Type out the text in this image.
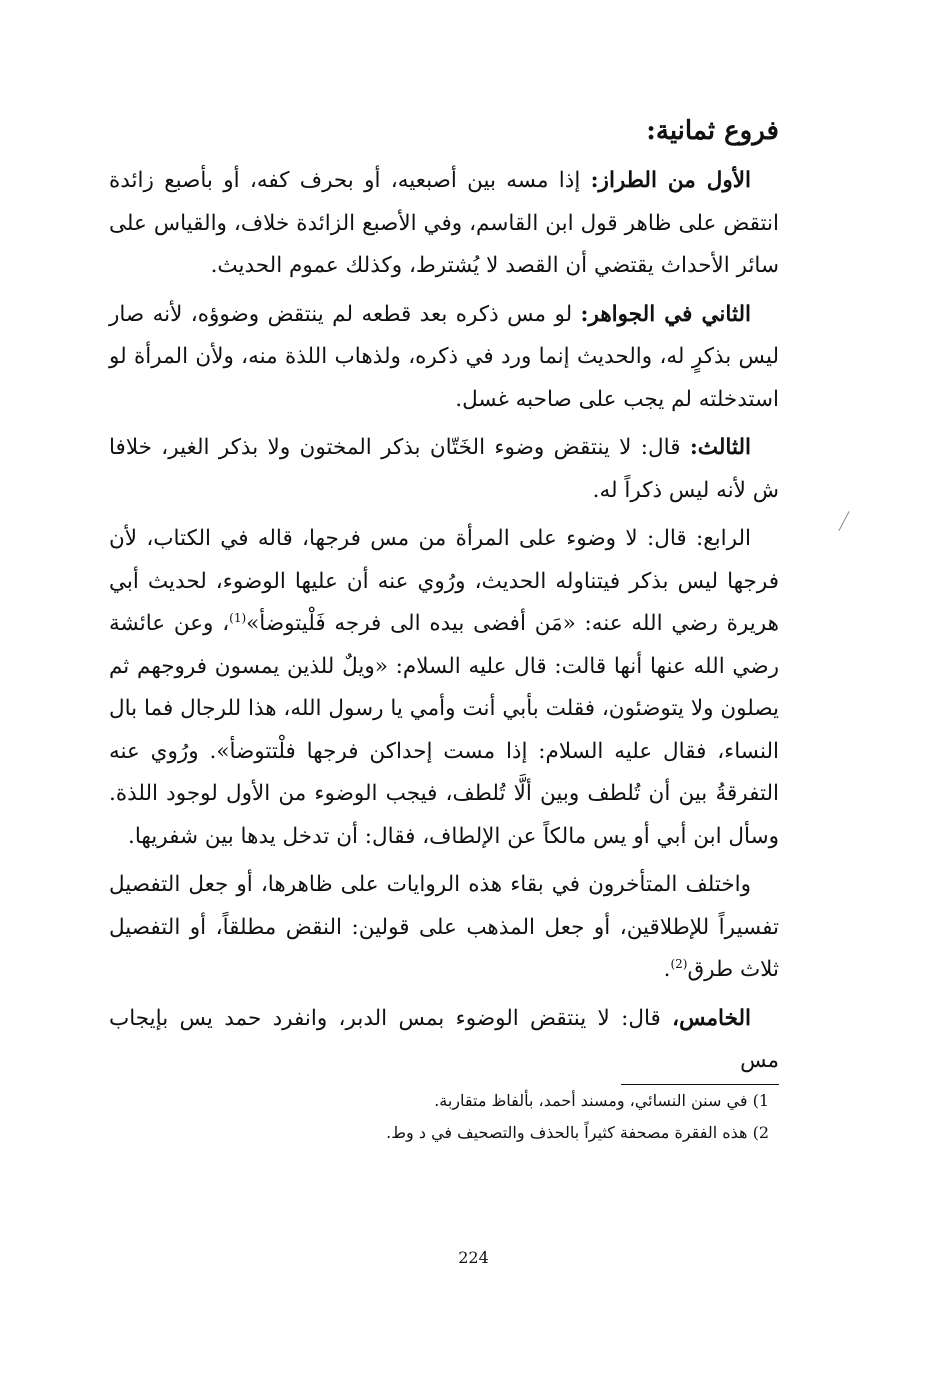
فروع ثمانية:

الأول من الطراز: إذا مسه بين أصبعيه، أو بحرف كفه، أو بأصبع زائدة انتقض على ظاهر قول ابن القاسم، وفي الأصبع الزائدة خلاف، والقياس على سائر الأحداث يقتضي أن القصد لا يُشترط، وكذلك عموم الحديث.

الثاني في الجواهر: لو مس ذكره بعد قطعه لم ينتقض وضوؤه، لأنه صار ليس بذكرٍ له، والحديث إنما ورد في ذكره، ولذهاب اللذة منه، ولأن المرأة لو استدخلته لم يجب على صاحبه غسل.

الثالث: قال: لا ينتقض وضوء الخَتّان بذكر المختون ولا بذكر الغير، خلافا ش لأنه ليس ذكراً له.

الرابع: قال: لا وضوء على المرأة من مس فرجها، قاله في الكتاب، لأن فرجها ليس بذكر فيتناوله الحديث، ورُوي عنه أن عليها الوضوء، لحديث أبي هريرة رضي الله عنه: «مَن أفضى بيده الى فرجه فَلْيتوضأ»$^{(1)}$، وعن عائشة رضي الله عنها أنها قالت: قال عليه السلام: «ويلٌ للذين يمسون فروجهم ثم يصلون ولا يتوضئون، فقلت بأبي أنت وأمي يا رسول الله، هذا للرجال فما بال النساء، فقال عليه السلام: إذا مست إحداكن فرجها فلْتتوضأ». ورُوي عنه التفرقةُ بين أن تُلطف وبين ألَّا تُلطف، فيجب الوضوء من الأول لوجود اللذة. وسأل ابن أبي أو يس مالكاً عن الإلطاف، فقال: أن تدخل يدها بين شفريها.

واختلف المتأخرون في بقاء هذه الروايات على ظاهرها، أو جعل التفصيل تفسيراً للإطلاقين، أو جعل المذهب على قولين: النقض مطلقاً، أو التفصيل ثلاث طرق$^{(2)}$.

الخامس، قال: لا ينتقض الوضوء بمس الدبر، وانفرد حمد يس بإيجاب مس

1) في سنن النسائي، ومسند أحمد، بألفاظ متقاربة.

2) هذه الفقرة مصحفة كثيراً بالحذف والتصحيف في د وط.

224
